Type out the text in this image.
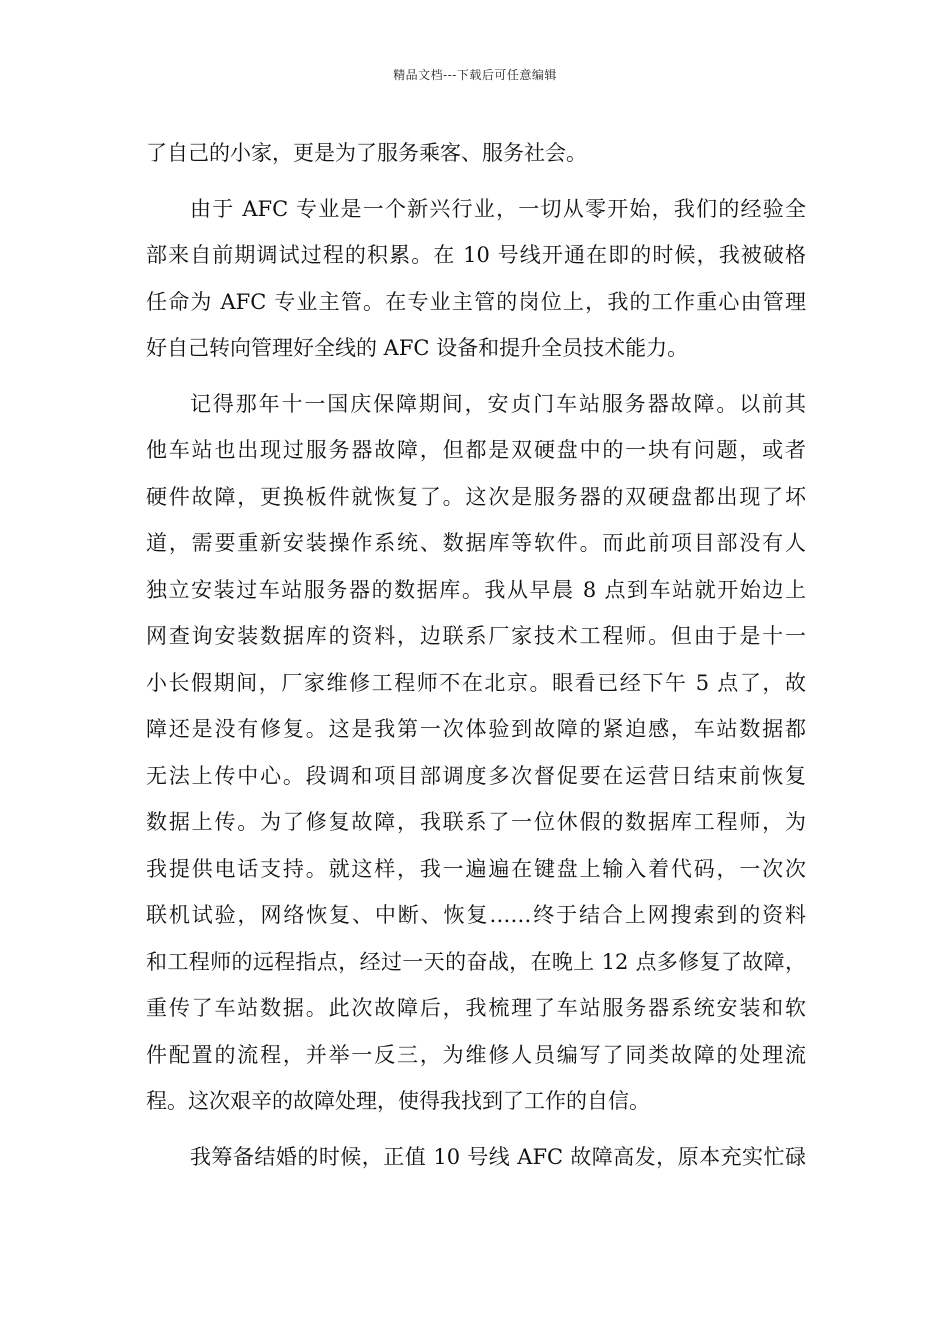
精品文档---下载后可任意编辑
了自己的小家，更是为了服务乘客、服务社会。
由于 AFC 专业是一个新兴行业，一切从零开始，我们的经验全
部来自前期调试过程的积累。在 10 号线开通在即的时候，我被破格
任命为 AFC 专业主管。在专业主管的岗位上，我的工作重心由管理
好自己转向管理好全线的 AFC 设备和提升全员技术能力。
记得那年十一国庆保障期间，安贞门车站服务器故障。以前其
他车站也出现过服务器故障，但都是双硬盘中的一块有问题，或者
硬件故障，更换板件就恢复了。这次是服务器的双硬盘都出现了坏
道，需要重新安装操作系统、数据库等软件。而此前项目部没有人
独立安装过车站服务器的数据库。我从早晨 8 点到车站就开始边上
网查询安装数据库的资料，边联系厂家技术工程师。但由于是十一
小长假期间，厂家维修工程师不在北京。眼看已经下午 5 点了，故
障还是没有修复。这是我第一次体验到故障的紧迫感，车站数据都
无法上传中心。段调和项目部调度多次督促要在运营日结束前恢复
数据上传。为了修复故障，我联系了一位休假的数据库工程师，为
我提供电话支持。就这样，我一遍遍在键盘上输入着代码，一次次
联机试验，网络恢复、中断、恢复……终于结合上网搜索到的资料
和工程师的远程指点，经过一天的奋战，在晚上 12 点多修复了故障，
重传了车站数据。此次故障后，我梳理了车站服务器系统安装和软
件配置的流程，并举一反三，为维修人员编写了同类故障的处理流
程。这次艰辛的故障处理，使得我找到了工作的自信。
我筹备结婚的时候，正值 10 号线 AFC 故障高发，原本充实忙碌
